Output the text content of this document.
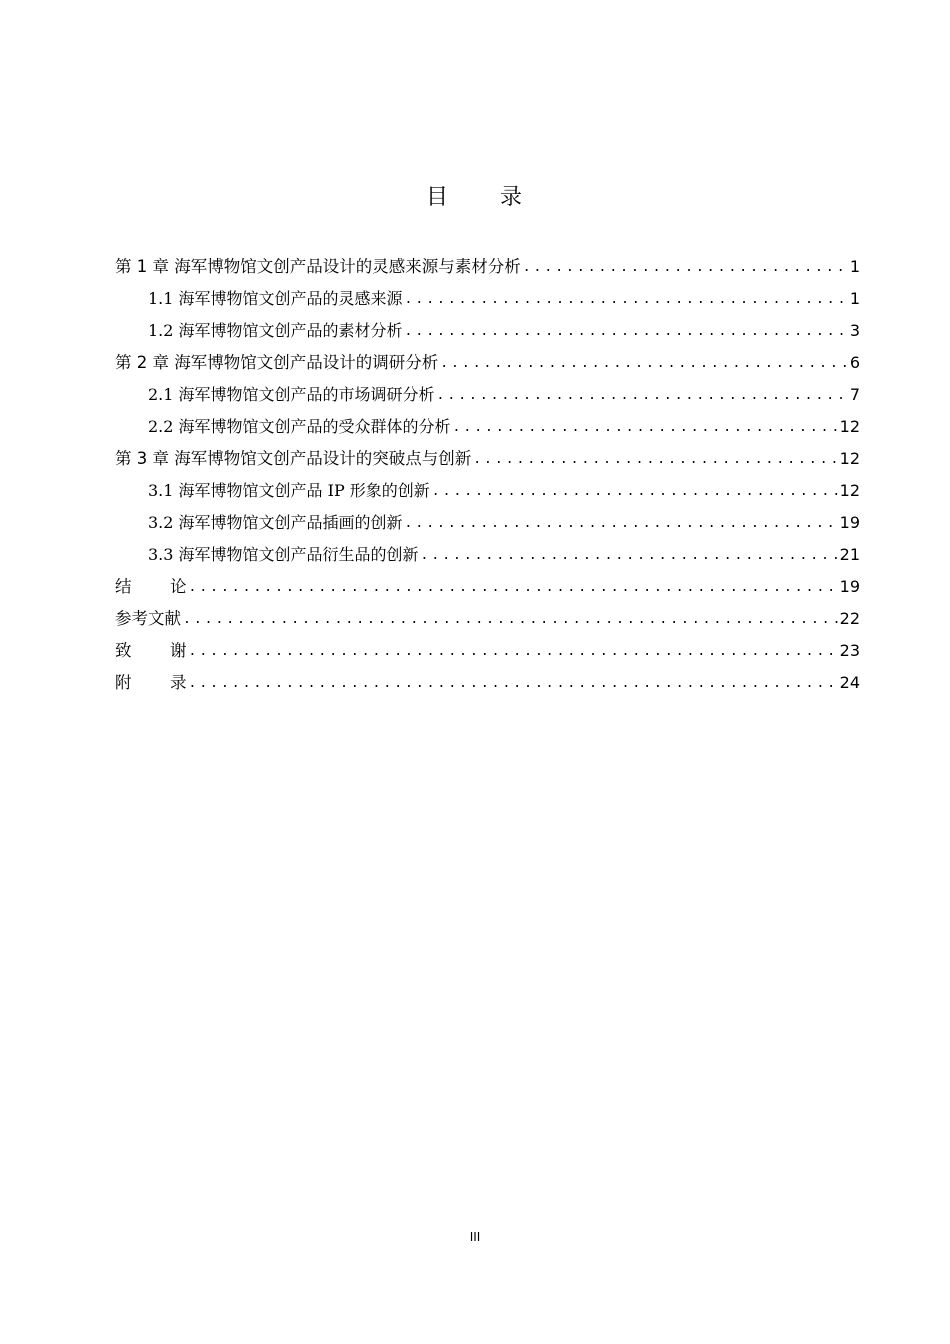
目 录
第 1 章 海军博物馆文创产品设计的灵感来源与素材分析 .....	1
1.1 海军博物馆文创产品的灵感来源 .....	1
1.2 海军博物馆文创产品的素材分析 .....	3
第 2 章 海军博物馆文创产品设计的调研分析 .....	6
2.1 海军博物馆文创产品的市场调研分析 .....	7
2.2 海军博物馆文创产品的受众群体的分析 .....	12
第 3 章 海军博物馆文创产品设计的突破点与创新 .....	12
3.1 海军博物馆文创产品 IP 形象的创新 .....	12
3.2 海军博物馆文创产品插画的创新 .....	19
3.3 海军博物馆文创产品衍生品的创新 .....	21
结 论 .....	19
参考文献 .....	22
致 谢 .....	23
附 录 .....	24
III
